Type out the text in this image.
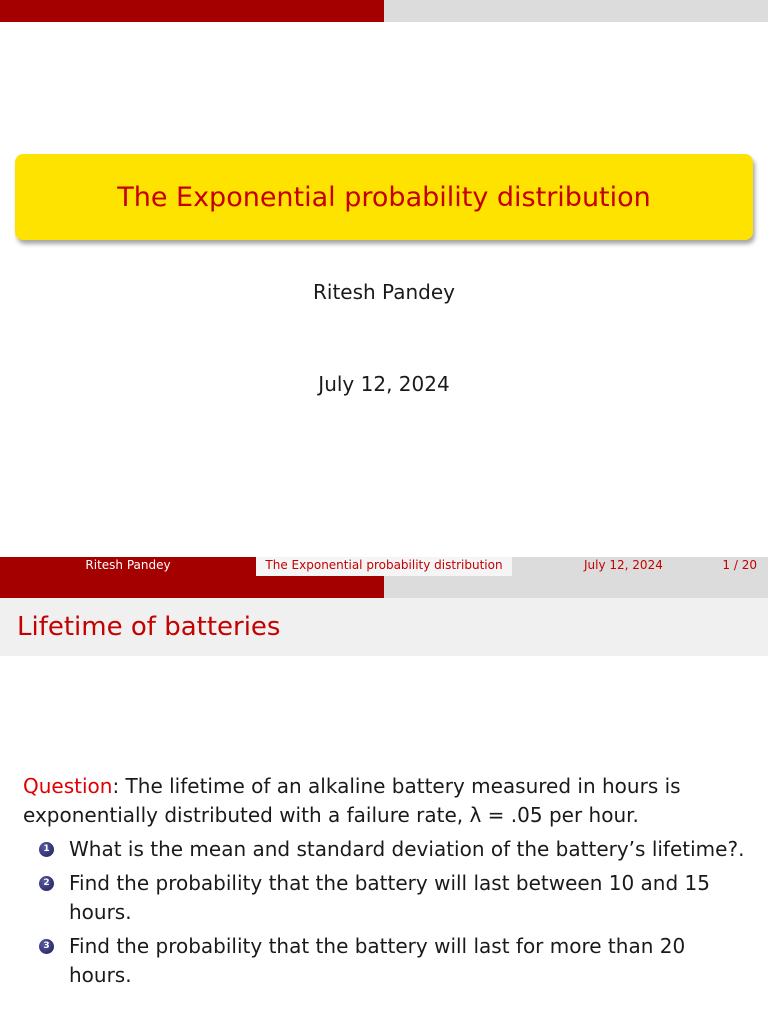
The Exponential probability distribution
Ritesh Pandey
July 12, 2024
Ritesh Pandey	The Exponential probability distribution	July 12, 2024	1 / 20
Lifetime of batteries
Question: The lifetime of an alkaline battery measured in hours is exponentially distributed with a failure rate, λ = .05 per hour.
1 What is the mean and standard deviation of the battery’s lifetime?.
2 Find the probability that the battery will last between 10 and 15 hours.
3 Find the probability that the battery will last for more than 20 hours.
